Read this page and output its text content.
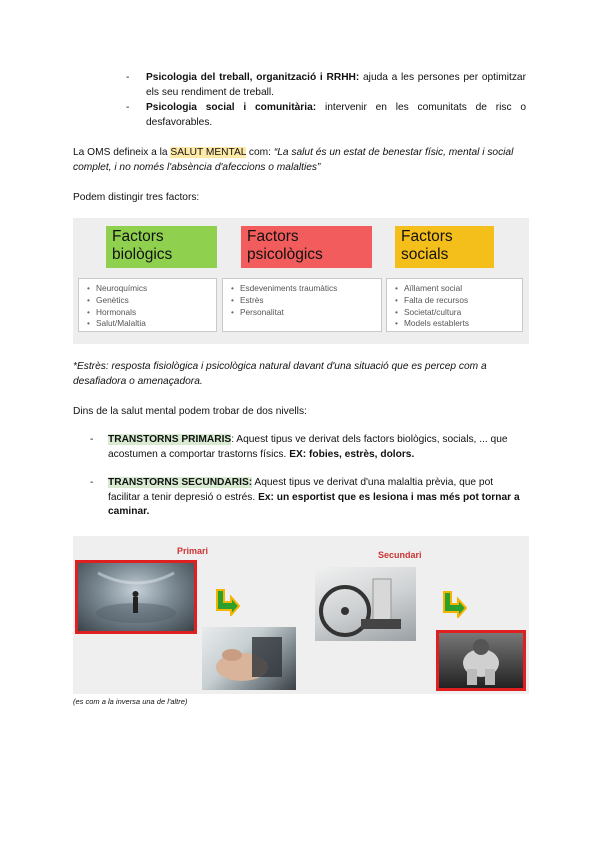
- Psicologia del treball, organització i RRHH: ajuda a les persones per optimitzar els seu rendiment de treball.
- Psicologia social i comunitària: intervenir en les comunitats de risc o desfavorables.
La OMS defineix a la SALUT MENTAL com: “La salut és un estat de benestar físic, mental i social complet, i no només l'absència d'afeccions o malalties”
Podem distingir tres factors:
Factors
biològics
Factors
psicològics
Factors
socials
• Neuroquímics
• Genètics
• Hormonals
• Salut/Malaltia
• Esdeveniments traumàtics
• Estrès
• Personalitat
• Aïllament social
• Falta de recursos
• Societat/cultura
• Models establerts
*Estrès: resposta fisiològica i psicològica natural davant d'una situació que es percep com a desafiadora o amenaçadora.
Dins de la salut mental podem trobar de dos nivells:
- TRANSTORNS PRIMARIS: Aquest tipus ve derivat dels factors biològics, socials, ... que acostumen a comportar trastorns físics. EX: fobies, estrès, dolors.
- TRANSTORNS SECUNDARIS: Aquest tipus ve derivat d'una malaltia prèvia, que pot facilitar a tenir depresió o estrés. Ex: un esportist que es lesiona i mas més pot tornar a caminar.
Primari	Secundari
(es com a la inversa una de l'altre)
